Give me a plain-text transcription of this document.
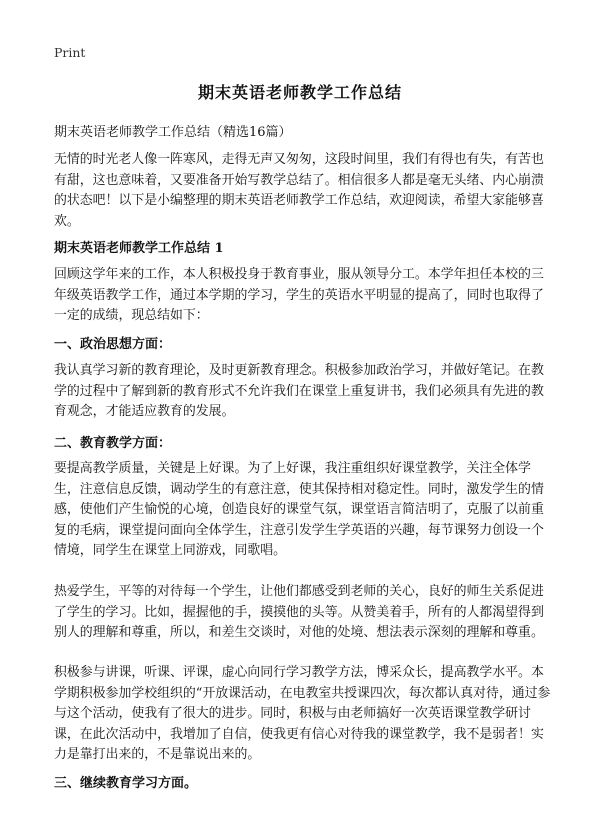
Print
期末英语老师教学工作总结
期末英语老师教学工作总结（精选16篇）

无情的时光老人像一阵寒风，走得无声又匆匆，这段时间里，我们有得也有失，有苦也有甜，这也意味着，又要准备开始写教学总结了。相信很多人都是毫无头绪、内心崩溃的状态吧！以下是小编整理的期末英语老师教学工作总结，欢迎阅读，希望大家能够喜欢。

期末英语老师教学工作总结 1

回顾这学年来的工作，本人积极投身于教育事业，服从领导分工。本学年担任本校的三年级英语教学工作，通过本学期的学习，学生的英语水平明显的提高了，同时也取得了一定的成绩，现总结如下：

一、政治思想方面：

我认真学习新的教育理论，及时更新教育理念。积极参加政治学习，并做好笔记。在教学的过程中了解到新的教育形式不允许我们在课堂上重复讲书，我们必须具有先进的教育观念，才能适应教育的发展。

二、教育教学方面：

要提高教学质量，关键是上好课。为了上好课，我注重组织好课堂教学，关注全体学生，注意信息反馈，调动学生的有意注意，使其保持相对稳定性。同时，激发学生的情感，使他们产生愉悦的心境，创造良好的课堂气氛，课堂语言简洁明了，克服了以前重复的毛病，课堂提问面向全体学生，注意引发学生学英语的兴趣，每节课努力创设一个情境，同学生在课堂上同游戏，同歌唱。

热爱学生，平等的对待每一个学生，让他们都感受到老师的关心，良好的师生关系促进了学生的学习。比如，握握他的手，摸摸他的头等。从赞美着手，所有的人都渴望得到别人的理解和尊重，所以，和差生交谈时，对他的处境、想法表示深刻的理解和尊重。

积极参与讲课，听课、评课，虚心向同行学习教学方法，博采众长，提高教学水平。本学期积极参加学校组织的“开放课活动，在电教室共授课四次，每次都认真对待，通过参与这个活动，使我有了很大的进步。同时，积极与由老师搞好一次英语课堂教学研讨课，在此次活动中，我增加了自信，使我更有信心对待我的课堂教学，我不是弱者！实力是靠打出来的，不是靠说出来的。

三、继续教育学习方面。
